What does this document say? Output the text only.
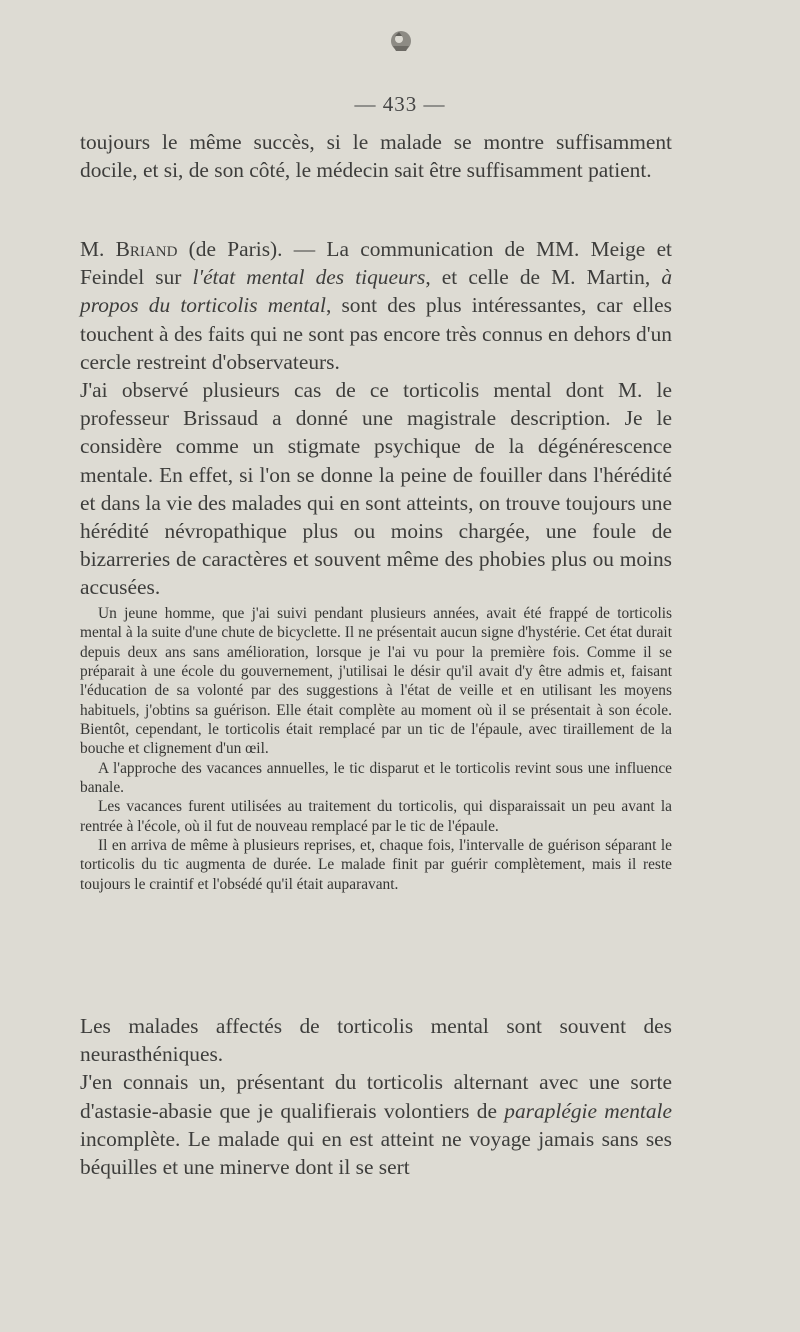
— 433 —

toujours le même succès, si le malade se montre suffisamment docile, et si, de son côté, le médecin sait être suffisamment patient.

M. Briand (de Paris). — La communication de MM. Meige et Feindel sur l'état mental des tiqueurs, et celle de M. Martin, à propos du torticolis mental, sont des plus intéressantes, car elles touchent à des faits qui ne sont pas encore très connus en dehors d'un cercle restreint d'observateurs.

J'ai observé plusieurs cas de ce torticolis mental dont M. le professeur Brissaud a donné une magistrale description. Je le considère comme un stigmate psychique de la dégénérescence mentale. En effet, si l'on se donne la peine de fouiller dans l'hérédité et dans la vie des malades qui en sont atteints, on trouve toujours une hérédité névropathique plus ou moins chargée, une foule de bizarreries de caractères et souvent même des phobies plus ou moins accusées.

Un jeune homme, que j'ai suivi pendant plusieurs années, avait été frappé de torticolis mental à la suite d'une chute de bicyclette. Il ne présentait aucun signe d'hystérie. Cet état durait depuis deux ans sans amélioration, lorsque je l'ai vu pour la première fois. Comme il se préparait à une école du gouvernement, j'utilisai le désir qu'il avait d'y être admis et, faisant l'éducation de sa volonté par des suggestions à l'état de veille et en utilisant les moyens habituels, j'obtins sa guérison. Elle était complète au moment où il se présentait à son école. Bientôt, cependant, le torticolis était remplacé par un tic de l'épaule, avec tiraillement de la bouche et clignement d'un œil.

A l'approche des vacances annuelles, le tic disparut et le torticolis revint sous une influence banale.

Les vacances furent utilisées au traitement du torticolis, qui disparaissait un peu avant la rentrée à l'école, où il fut de nouveau remplacé par le tic de l'épaule.

Il en arriva de même à plusieurs reprises, et, chaque fois, l'intervalle de guérison séparant le torticolis du tic augmenta de durée. Le malade finit par guérir complètement, mais il reste toujours le craintif et l'obsédé qu'il était auparavant.

Les malades affectés de torticolis mental sont souvent des neurasthéniques.

J'en connais un, présentant du torticolis alternant avec une sorte d'astasie-abasie que je qualifierais volontiers de paraplégie mentale incomplète. Le malade qui en est atteint ne voyage jamais sans ses béquilles et une minerve dont il se sert
